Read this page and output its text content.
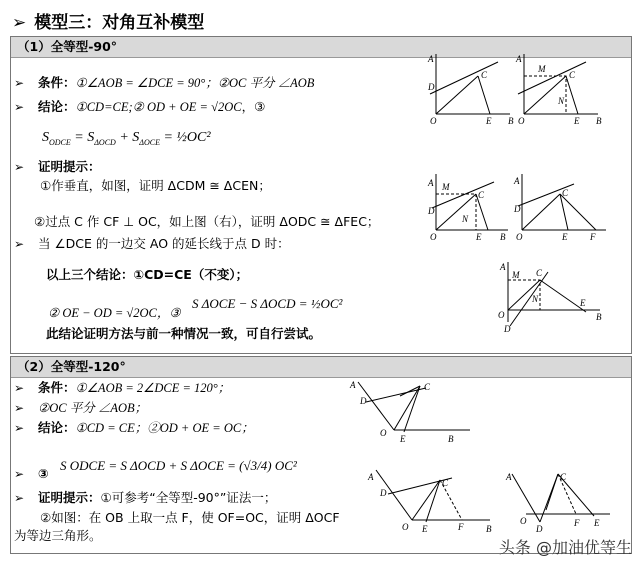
➢ 模型三：对角互补模型
（1）全等型-90°
➢ 条件：①∠AOB = ∠DCE = 90°；②OC 平分 ∠AOB
➢ 结论：①CD=CE;② OD + OE = √2OC，③
$S_{ODCE} = S_{\Delta OCD} + S_{\Delta OCE}$ = ½OC²
➢ 证明提示：
①作垂直，如图，证明 ΔCDM ≅ ΔCEN；
②过点 C 作 CF ⊥ OC，如上图（右），证明 ΔODC ≅ ΔFEC；
➢ 当 ∠DCE 的一边交 AO 的延长线于点 D 时：
以上三个结论：①CD=CE（不变）；
② OE − OD = √2OC，③
S ΔOCE − S ΔOCD = ½OC²
此结论证明方法与前一种情况一致，可自行尝试。
（2）全等型-120°
➢ 条件：①∠AOB = 2∠DCE = 120°；
➢ ②OC 平分 ∠AOB；
➢ 结论：①CD = CE；②OD + OE = OC；
➢ ③
S ODCE = S ΔOCD + S ΔOCE = (√3/4) OC²
➢ 证明提示：①可参考“全等型-90°”证法一；
②如图：在 OB 上取一点 F，使 OF=OC，证明 ΔOCF
为等边三角形。
A
D
O	E B
C
A
M
C
N
O	E B
A M
D
C
N
O	E B
A
D
C
O	E	F
A
M C
N
O
D
E
B
A
D
C
O
E	B
A
D
C
O E	F	B
A	C
D
O	F E
头条 @加油优等生
